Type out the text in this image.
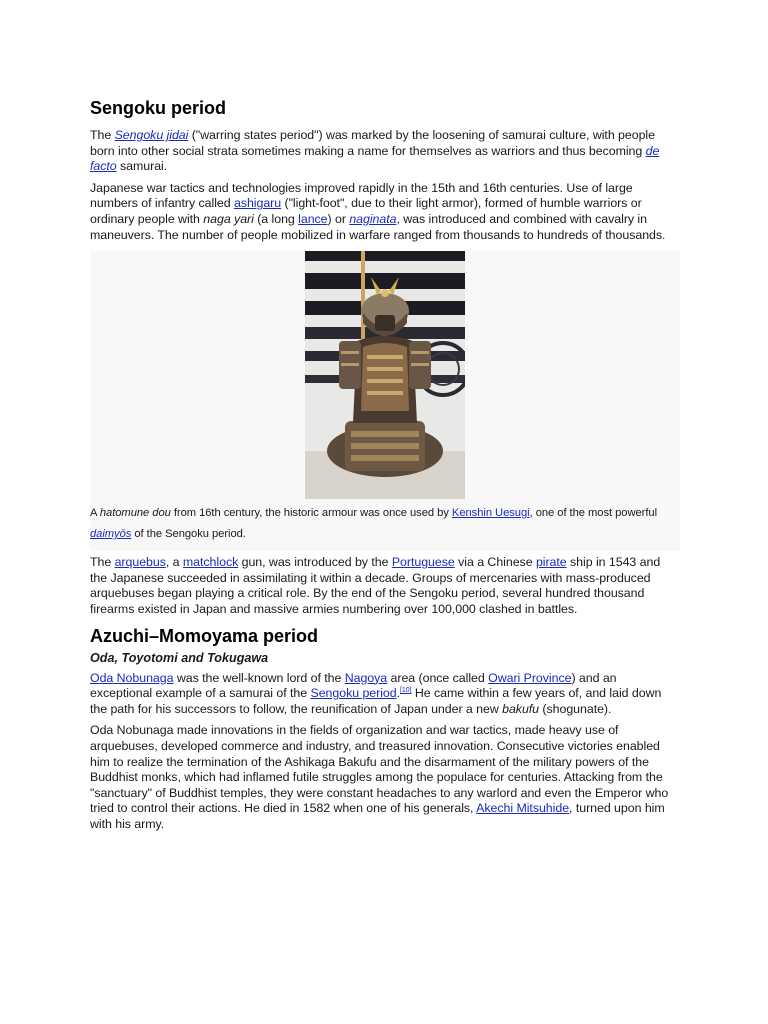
Sengoku period

The Sengoku jidai ("warring states period") was marked by the loosening of samurai culture, with people born into other social strata sometimes making a name for themselves as warriors and thus becoming de facto samurai.

Japanese war tactics and technologies improved rapidly in the 15th and 16th centuries. Use of large numbers of infantry called ashigaru ("light-foot", due to their light armor), formed of humble warriors or ordinary people with naga yari (a long lance) or naginata, was introduced and combined with cavalry in maneuvers. The number of people mobilized in warfare ranged from thousands to hundreds of thousands.

A hatomune dou from 16th century, the historic armour was once used by Kenshin Uesugi, one of the most powerful daimyōs of the Sengoku period.

The arquebus, a matchlock gun, was introduced by the Portuguese via a Chinese pirate ship in 1543 and the Japanese succeeded in assimilating it within a decade. Groups of mercenaries with mass-produced arquebuses began playing a critical role. By the end of the Sengoku period, several hundred thousand firearms existed in Japan and massive armies numbering over 100,000 clashed in battles.

Azuchi–Momoyama period
Oda, Toyotomi and Tokugawa

Oda Nobunaga was the well-known lord of the Nagoya area (once called Owari Province) and an exceptional example of a samurai of the Sengoku period.[10] He came within a few years of, and laid down the path for his successors to follow, the reunification of Japan under a new bakufu (shogunate).

Oda Nobunaga made innovations in the fields of organization and war tactics, made heavy use of arquebuses, developed commerce and industry, and treasured innovation. Consecutive victories enabled him to realize the termination of the Ashikaga Bakufu and the disarmament of the military powers of the Buddhist monks, which had inflamed futile struggles among the populace for centuries. Attacking from the "sanctuary" of Buddhist temples, they were constant headaches to any warlord and even the Emperor who tried to control their actions. He died in 1582 when one of his generals, Akechi Mitsuhide, turned upon him with his army.
